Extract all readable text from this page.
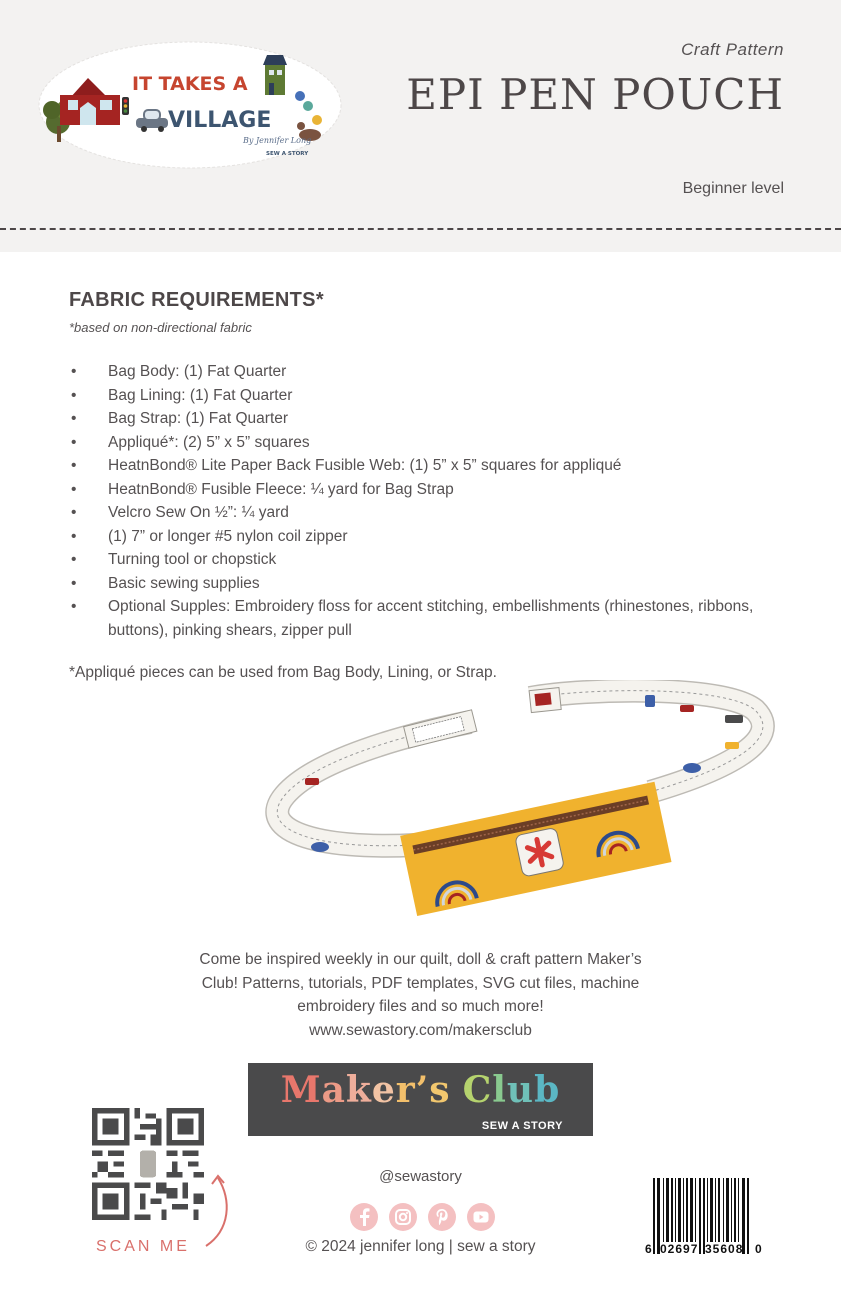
IT TAKES A
VILLAGE
By Jennifer Long
SEW A STORY
Craft Pattern
EPI PEN POUCH
Beginner level
FABRIC REQUIREMENTS*
*based on non-directional fabric
• Bag Body: (1) Fat Quarter
• Bag Lining: (1) Fat Quarter
• Bag Strap: (1) Fat Quarter
• Appliqué*: (2) 5” x 5” squares
• HeatnBond® Lite Paper Back Fusible Web: (1) 5” x 5” squares for appliqué
• HeatnBond® Fusible Fleece: ¼ yard for Bag Strap
• Velcro Sew On ½”: ¼ yard
• (1) 7” or longer #5 nylon coil zipper
• Turning tool or chopstick
• Basic sewing supplies
• Optional Supples: Embroidery floss for accent stitching, embellishments (rhinestones, ribbons, buttons), pinking shears, zipper pull
*Appliqué pieces can be used from Bag Body, Lining, or Strap.
Come be inspired weekly in our quilt, doll & craft pattern Maker’s
Club! Patterns, tutorials, PDF templates, SVG cut files, machine
embroidery files and so much more!
www.sewastory.com/makersclub
Maker’s Club
SEW A STORY
SCAN ME
@sewastory
© 2024 jennifer long | sew a story	6 02697 35608 0
